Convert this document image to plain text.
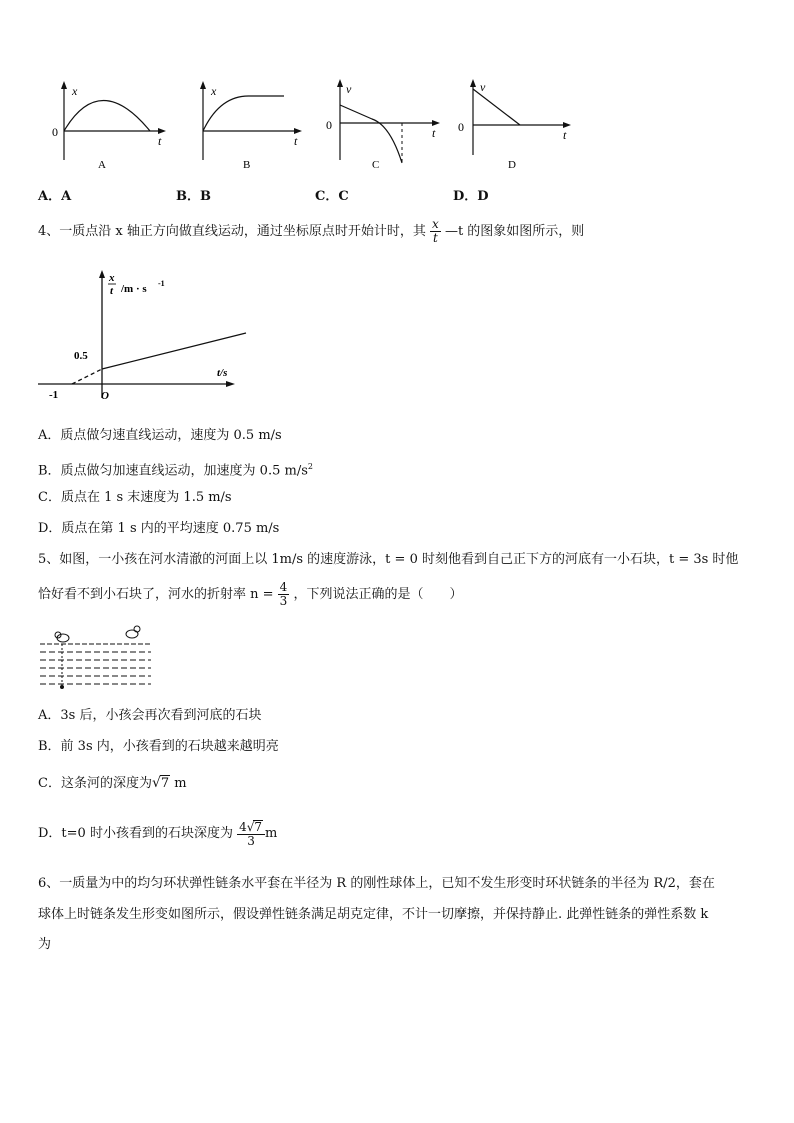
x
t
0
A
x
t
B
v
t
0
C
v
t
0
D
A．A	B．B	C．C	D．D
4、一质点沿 x 轴正方向做直线运动，通过坐标原点时开始计时，其 $\frac{x}{t}$ —t 的图象如图所示，则
x
t /m · s -1
0.5
t/s
-1	O
A．质点做匀速直线运动，速度为 0.5 m/s
B．质点做匀加速直线运动，加速度为 0.5 $m/s^2$
C．质点在 1 s 末速度为 1.5 m/s
D．质点在第 1 s 内的平均速度 0.75 m/s
5、如图，一小孩在河水清澈的河面上以 1m/s 的速度游泳，t = 0 时刻他看到自己正下方的河底有一小石块，t = 3s 时他
恰好看不到小石块了，河水的折射率 $n = \frac{4}{3}$ ，下列说法正确的是（　　）
A．3s 后，小孩会再次看到河底的石块
B．前 3s 内，小孩看到的石块越来越明亮
C．这条河的深度为√7 m
D．t=0 时小孩看到的石块深度为 $\frac{4√7}{3}$ m
6、一质量为中的均匀环状弹性链条水平套在半径为 R 的刚性球体上，已知不发生形变时环状链条的半径为 R/2，套在
球体上时链条发生形变如图所示，假设弹性链条满足胡克定律，不计一切摩擦，并保持静止. 此弹性链条的弹性系数 k
为
